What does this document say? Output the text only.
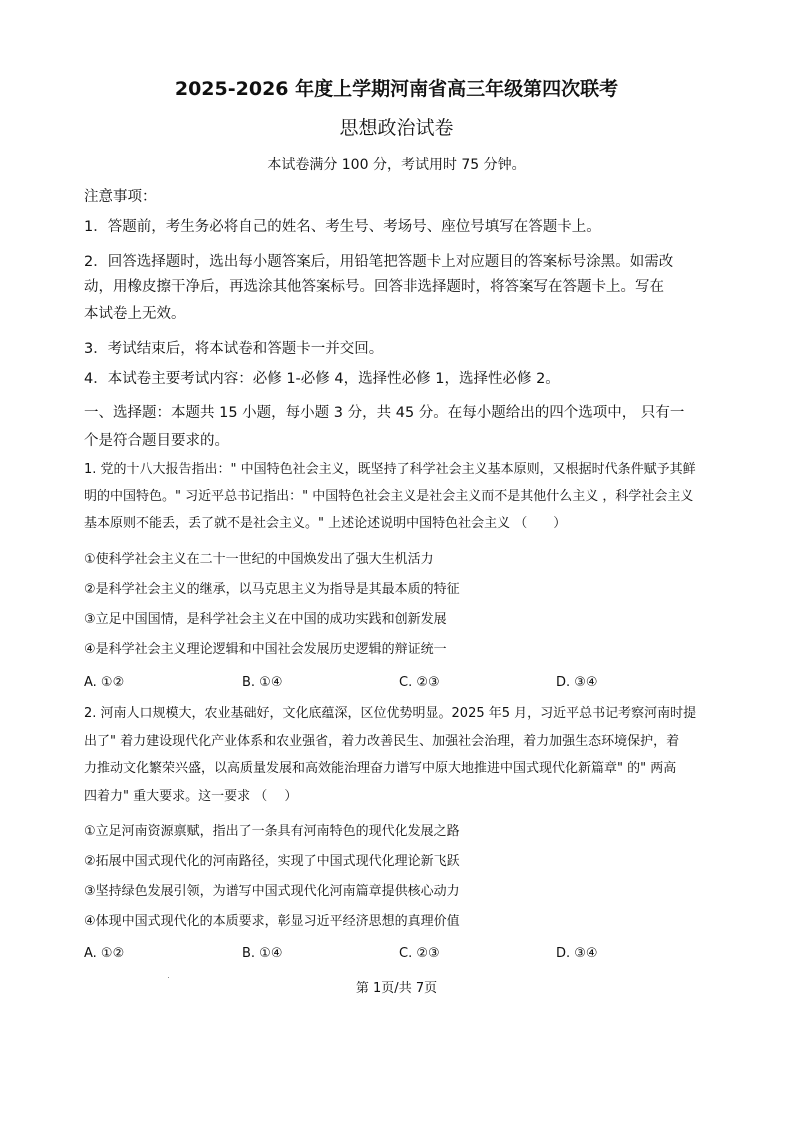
2025-2026 年度上学期河南省高三年级第四次联考
思想政治试卷
本试卷满分 100 分，考试用时 75 分钟。
注意事项：
1．答题前，考生务必将自己的姓名、考生号、考场号、座位号填写在答题卡上。
2．回答选择题时，选出每小题答案后，用铅笔把答题卡上对应题目的答案标号涂黑。如需改
动，用橡皮擦干净后，再选涂其他答案标号。回答非选择题时，将答案写在答题卡上。写在
本试卷上无效。
3．考试结束后，将本试卷和答题卡一并交回。
4．本试卷主要考试内容：必修 1-必修 4，选择性必修 1，选择性必修 2。
一、选择题：本题共 15 小题，每小题 3 分，共 45 分。在每小题给出的四个选项中， 只有一
个是符合题目要求的。
1. 党的十八大报告指出：" 中国特色社会主义，既坚持了科学社会主义基本原则，又根据时代条件赋予其鲜
明的中国特色。" 习近平总书记指出：" 中国特色社会主义是社会主义而不是其他什么主义 ，科学社会主义
基本原则不能丢，丢了就不是社会主义。" 上述论述说明中国特色社会主义 （　　）
①使科学社会主义在二十一世纪的中国焕发出了强大生机活力
②是科学社会主义的继承，以马克思主义为指导是其最本质的特征
③立足中国国情，是科学社会主义在中国的成功实践和创新发展
④是科学社会主义理论逻辑和中国社会发展历史逻辑的辩证统一
A. ①②	B. ①④	C. ②③	D. ③④
2. 河南人口规模大，农业基础好，文化底蕴深，区位优势明显。2025 年5 月，习近平总书记考察河南时提
出了" 着力建设现代化产业体系和农业强省，着力改善民生、加强社会治理，着力加强生态环境保护，着
力推动文化繁荣兴盛，以高质量发展和高效能治理奋力谱写中原大地推进中国式现代化新篇章" 的" 两高
四着力" 重大要求。这一要求 （　 ）
①立足河南资源禀赋，指出了一条具有河南特色的现代化发展之路
②拓展中国式现代化的河南路径，实现了中国式现代化理论新飞跃
③坚持绿色发展引领，为谱写中国式现代化河南篇章提供核心动力
④体现中国式现代化的本质要求，彰显习近平经济思想的真理价值
A. ①②	B. ①④	C. ②③	D. ③④
第 1页/共 7页
